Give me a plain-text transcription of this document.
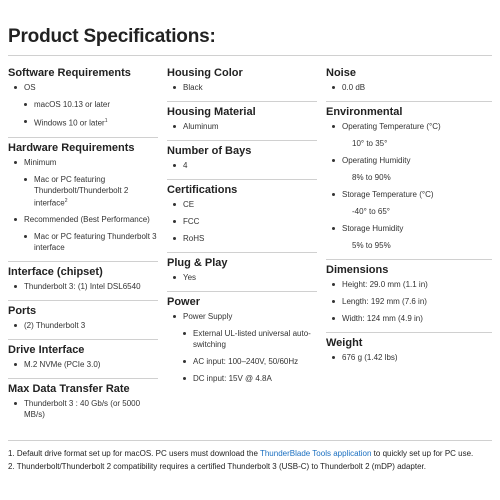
Product Specifications:
Software Requirements
OS
macOS 10.13 or later
Windows 10 or later$^1$
Hardware Requirements
Minimum
Mac or PC featuring Thunderbolt/Thunderbolt 2 interface$^2$
Recommended (Best Performance)
Mac or PC featuring Thunderbolt 3 interface
Interface (chipset)
Thunderbolt 3: (1) Intel DSL6540
Ports
(2) Thunderbolt 3
Drive Interface
M.2 NVMe (PCIe 3.0)
Max Data Transfer Rate
Thunderbolt 3 : 40 Gb/s (or 5000 MB/s)
Housing Color
Black
Housing Material
Aluminum
Number of Bays
4
Certifications
CE
FCC
RoHS
Plug & Play
Yes
Power
Power Supply
External UL-listed universal auto-switching
AC input: 100–240V, 50/60Hz
DC input: 15V @ 4.8A
Noise
0.0 dB
Environmental
Operating Temperature (°C)
10° to 35°
Operating Humidity
8% to 90%
Storage Temperature (°C)
-40° to 65°
Storage Humidity
5% to 95%
Dimensions
Height: 29.0 mm (1.1 in)
Length: 192 mm (7.6 in)
Width: 124 mm (4.9 in)
Weight
676 g (1.42 lbs)
1. Default drive format set up for macOS. PC users must download the ThunderBlade Tools application to quickly set up for PC use.
2. Thunderbolt/Thunderbolt 2 compatibility requires a certified Thunderbolt 3 (USB-C) to Thunderbolt 2 (mDP) adapter.
